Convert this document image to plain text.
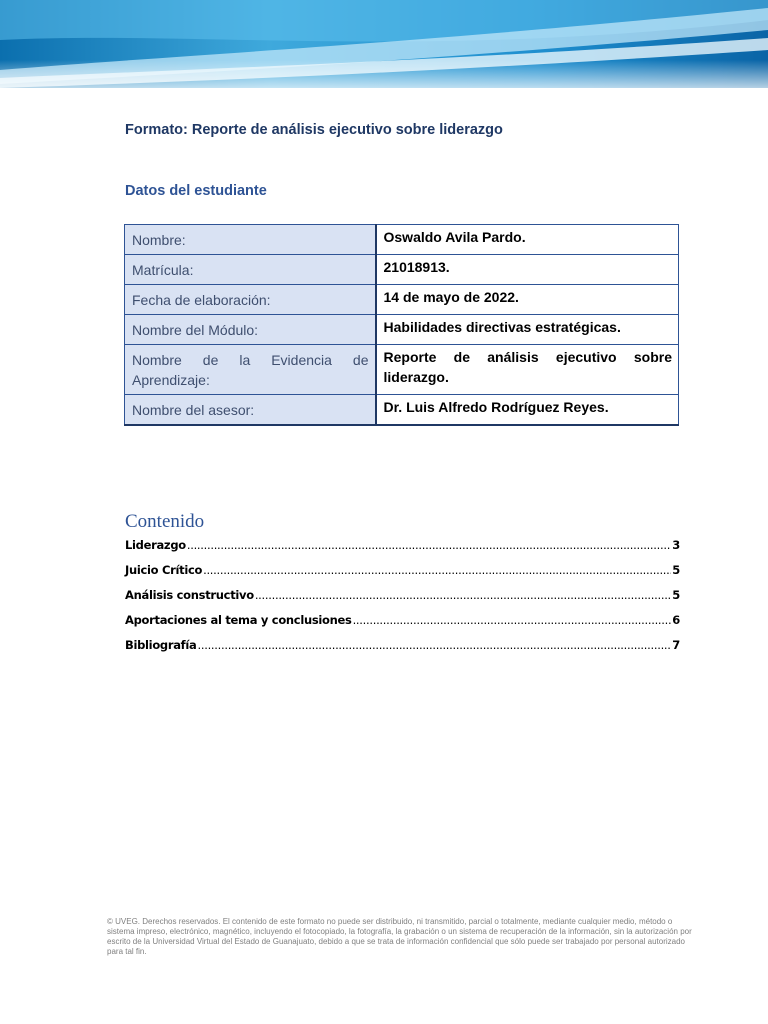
Formato: Reporte de análisis ejecutivo sobre liderazgo
Datos del estudiante
Nombre:	Oswaldo Avila Pardo.
Matrícula:	21018913.
Fecha de elaboración:	14 de mayo de 2022.
Nombre del Módulo:	Habilidades directivas estratégicas.
Nombre de la Evidencia de Aprendizaje:	Reporte de análisis ejecutivo sobre liderazgo.
Nombre del asesor:	Dr. Luis Alfredo Rodríguez Reyes.
Contenido
Liderazgo .....	3
Juicio Crítico .....	5
Análisis constructivo .....	5
Aportaciones al tema y conclusiones .....	6
Bibliografía .....	7
© UVEG. Derechos reservados. El contenido de este formato no puede ser distribuido, ni transmitido, parcial o totalmente, mediante cualquier medio, método o sistema impreso, electrónico, magnético, incluyendo el fotocopiado, la fotografía, la grabación o un sistema de recuperación de la información, sin la autorización por escrito de la Universidad Virtual del Estado de Guanajuato, debido a que se trata de información confidencial que sólo puede ser trabajado por personal autorizado para tal fin.
